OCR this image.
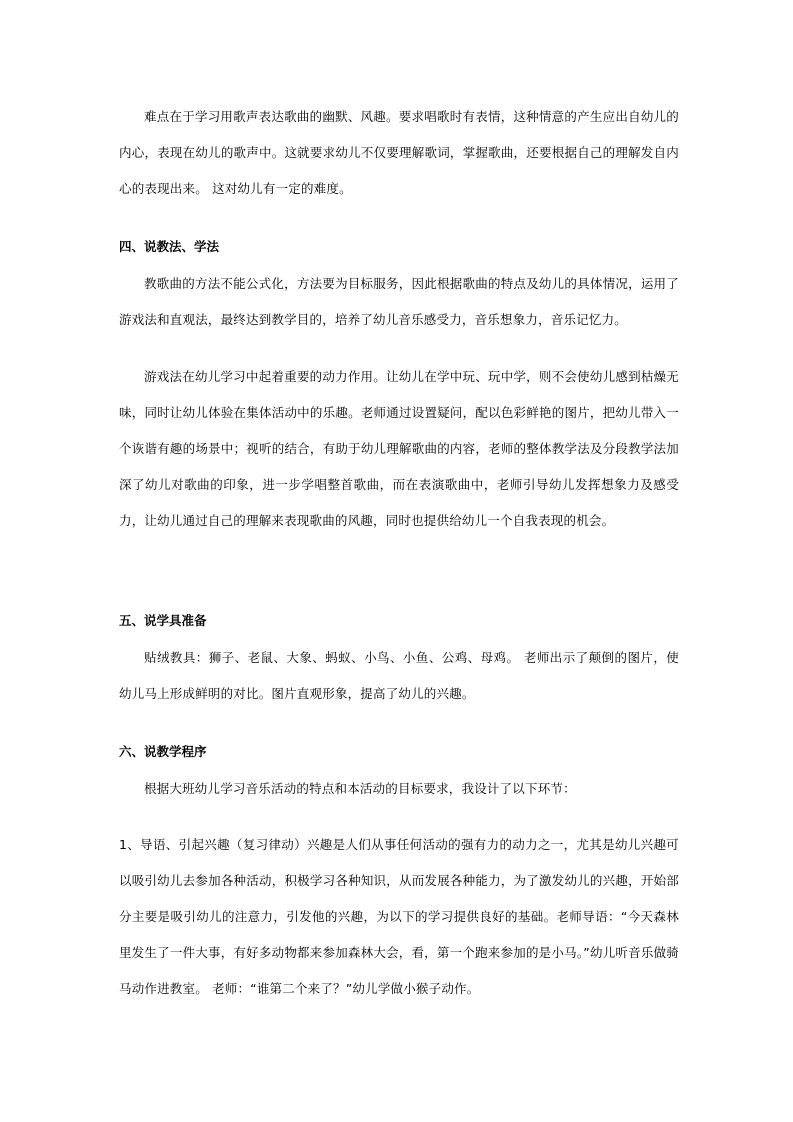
难点在于学习用歌声表达歌曲的幽默、风趣。要求唱歌时有表情，这种情意的产生应出自幼儿的内心，表现在幼儿的歌声中。这就要求幼儿不仅要理解歌词，掌握歌曲，还要根据自己的理解发自内心的表现出来。 这对幼儿有一定的难度。

四、说教法、学法

教歌曲的方法不能公式化，方法要为目标服务，因此根据歌曲的特点及幼儿的具体情况，运用了游戏法和直观法，最终达到教学目的，培养了幼儿音乐感受力，音乐想象力，音乐记忆力。

游戏法在幼儿学习中起着重要的动力作用。让幼儿在学中玩、玩中学，则不会使幼儿感到枯燥无味，同时让幼儿体验在集体活动中的乐趣。老师通过设置疑问，配以色彩鲜艳的图片，把幼儿带入一个诙谐有趣的场景中；视听的结合，有助于幼儿理解歌曲的内容，老师的整体教学法及分段教学法加深了幼儿对歌曲的印象，进一步学唱整首歌曲，而在表演歌曲中，老师引导幼儿发挥想象力及感受力，让幼儿通过自己的理解来表现歌曲的风趣，同时也提供给幼儿一个自我表现的机会。

五、说学具准备

贴绒教具：狮子、老鼠、大象、蚂蚁、小鸟、小鱼、公鸡、母鸡。 老师出示了颠倒的图片，使幼儿马上形成鲜明的对比。图片直观形象，提高了幼儿的兴趣。

六、说教学程序

根据大班幼儿学习音乐活动的特点和本活动的目标要求，我设计了以下环节：

1、导语、引起兴趣（复习律动）兴趣是人们从事任何活动的强有力的动力之一，尤其是幼儿兴趣可以吸引幼儿去参加各种活动，积极学习各种知识，从而发展各种能力，为了激发幼儿的兴趣，开始部分主要是吸引幼儿的注意力，引发他的兴趣，为以下的学习提供良好的基础。老师导语：“今天森林里发生了一件大事，有好多动物都来参加森林大会，看，第一个跑来参加的是小马。”幼儿听音乐做骑马动作进教室。 老师：“谁第二个来了？”幼儿学做小猴子动作。
